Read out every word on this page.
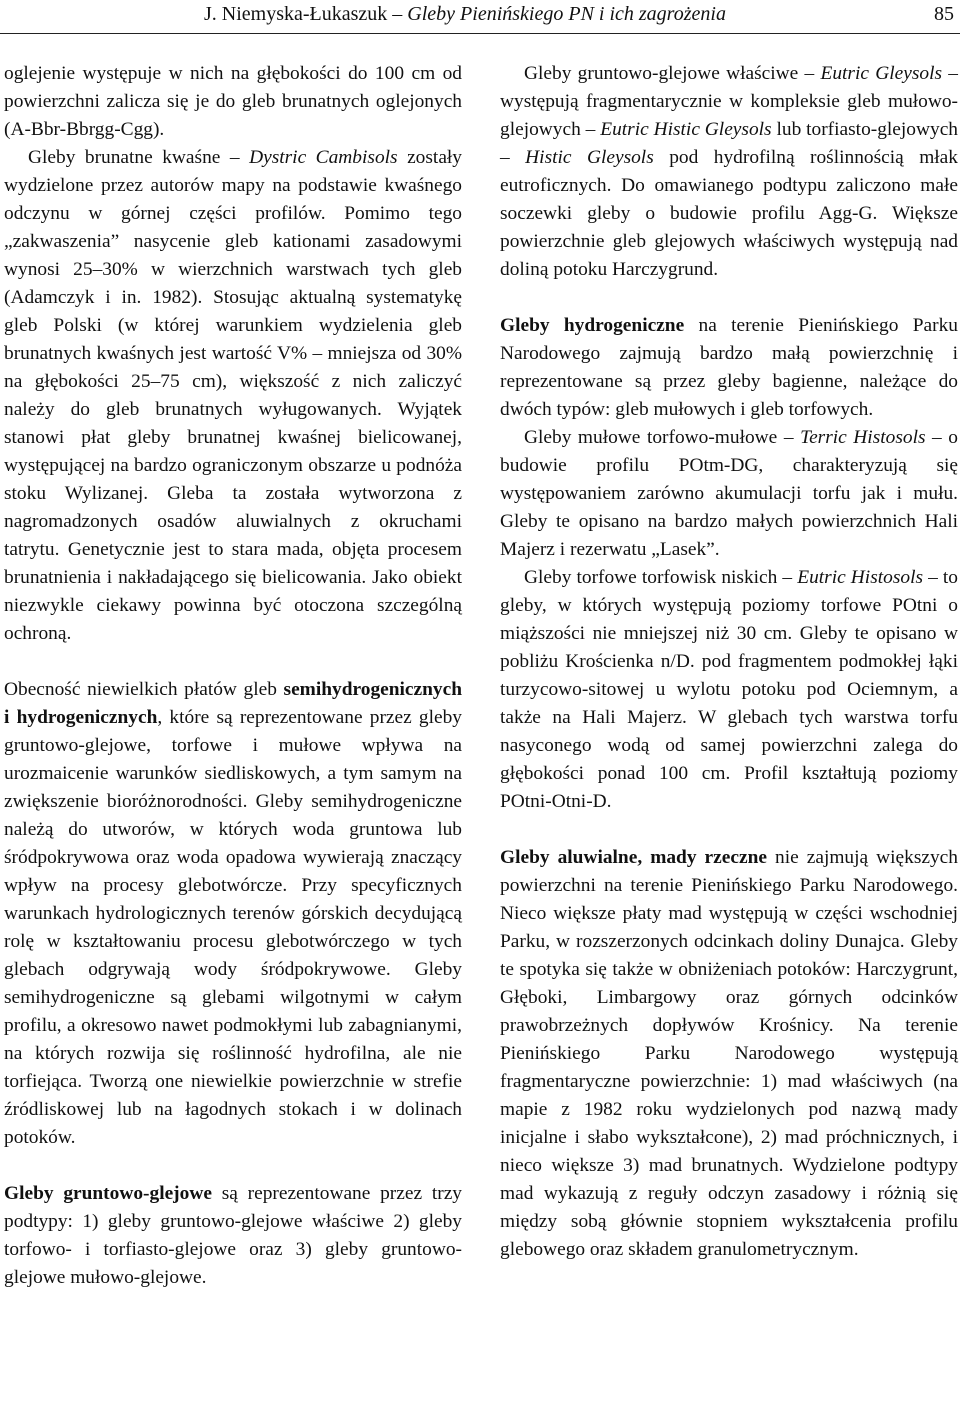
J. Niemyska-Łukaszuk – Gleby Pienińskiego PN i ich zagrożenia	85

oglejenie występuje w nich na głębokości do 100 cm od powierzchni zalicza się je do gleb brunatnych oglejonych (A-Bbr-Bbrgg-Cgg).

Gleby brunatne kwaśne – Dystric Cambisols zostały wydzielone przez autorów mapy na podstawie kwaśnego odczynu w górnej części profilów. Pomimo tego „zakwaszenia” nasycenie gleb kationami zasadowymi wynosi 25–30% w wierzchnich warstwach tych gleb (Adamczyk i in. 1982). Stosując aktualną systematykę gleb Polski (w której warunkiem wydzielenia gleb brunatnych kwaśnych jest wartość V% – mniejsza od 30% na głębokości 25–75 cm), większość z nich zaliczyć należy do gleb brunatnych wyługowanych. Wyjątek stanowi płat gleby brunatnej kwaśnej bielicowanej, występującej na bardzo ograniczonym obszarze u podnóża stoku Wylizanej. Gleba ta została wytworzona z nagromadzonych osadów aluwialnych z okruchami tatrytu. Genetycznie jest to stara mada, objęta procesem brunatnienia i nakładającego się bielicowania. Jako obiekt niezwykle ciekawy powinna być otoczona szczególną ochroną.

Obecność niewielkich płatów gleb semihydrogenicznych i hydrogenicznych, które są reprezentowane przez gleby gruntowo-glejowe, torfowe i mułowe wpływa na urozmaicenie warunków siedliskowych, a tym samym na zwiększenie bioróżnorodności. Gleby semihydrogeniczne należą do utworów, w których woda gruntowa lub śródpokrywowa oraz woda opadowa wywierają znaczący wpływ na procesy glebotwórcze. Przy specyficznych warunkach hydrologicznych terenów górskich decydującą rolę w kształtowaniu procesu glebotwórczego w tych glebach odgrywają wody śródpokrywowe. Gleby semihydrogeniczne są glebami wilgotnymi w całym profilu, a okresowo nawet podmokłymi lub zabagnianymi, na których rozwija się roślinność hydrofilna, ale nie torfiejąca. Tworzą one niewielkie powierzchnie w strefie źródliskowej lub na łagodnych stokach i w dolinach potoków.

Gleby gruntowo-glejowe są reprezentowane przez trzy podtypy: 1) gleby gruntowo-glejowe właściwe 2) gleby torfowo- i torfiasto-glejowe oraz 3) gleby gruntowo-glejowe mułowo-glejowe.

Gleby gruntowo-glejowe właściwe – Eutric Gleysols – występują fragmentarycznie w kompleksie gleb mułowo-glejowych – Eutric Histic Gleysols lub torfiasto-glejowych – Histic Gleysols pod hydrofilną roślinnością młak eutroficznych. Do omawianego podtypu zaliczono małe soczewki gleby o budowie profilu Agg-G. Większe powierzchnie gleb glejowych właściwych występują nad doliną potoku Harczygrund.

Gleby hydrogeniczne na terenie Pienińskiego Parku Narodowego zajmują bardzo małą powierzchnię i reprezentowane są przez gleby bagienne, należące do dwóch typów: gleb mułowych i gleb torfowych.

Gleby mułowe torfowo-mułowe – Terric Histosols – o budowie profilu POtm-DG, charakteryzują się występowaniem zarówno akumulacji torfu jak i mułu. Gleby te opisano na bardzo małych powierzchnich Hali Majerz i rezerwatu „Lasek”.

Gleby torfowe torfowisk niskich – Eutric Histosols – to gleby, w których występują poziomy torfowe POtni o miąższości nie mniejszej niż 30 cm. Gleby te opisano w pobliżu Krościenka n/D. pod fragmentem podmokłej łąki turzycowo-sitowej u wylotu potoku pod Ociemnym, a także na Hali Majerz. W glebach tych warstwa torfu nasyconego wodą od samej powierzchni zalega do głębokości ponad 100 cm. Profil kształtują poziomy POtni-Otni-D.

Gleby aluwialne, mady rzeczne nie zajmują większych powierzchni na terenie Pienińskiego Parku Narodowego. Nieco większe płaty mad występują w części wschodniej Parku, w rozszerzonych odcinkach doliny Dunajca. Gleby te spotyka się także w obniżeniach potoków: Harczygrunt, Głęboki, Limbargowy oraz górnych odcinków prawobrzeżnych dopływów Krośnicy. Na terenie Pienińskiego Parku Narodowego występują fragmentaryczne powierzchnie: 1) mad właściwych (na mapie z 1982 roku wydzielonych pod nazwą mady inicjalne i słabo wykształcone), 2) mad próchnicznych, i nieco większe 3) mad brunatnych. Wydzielone podtypy mad wykazują z reguły odczyn zasadowy i różnią się między sobą głównie stopniem wykształcenia profilu glebowego oraz składem granulometrycznym.
